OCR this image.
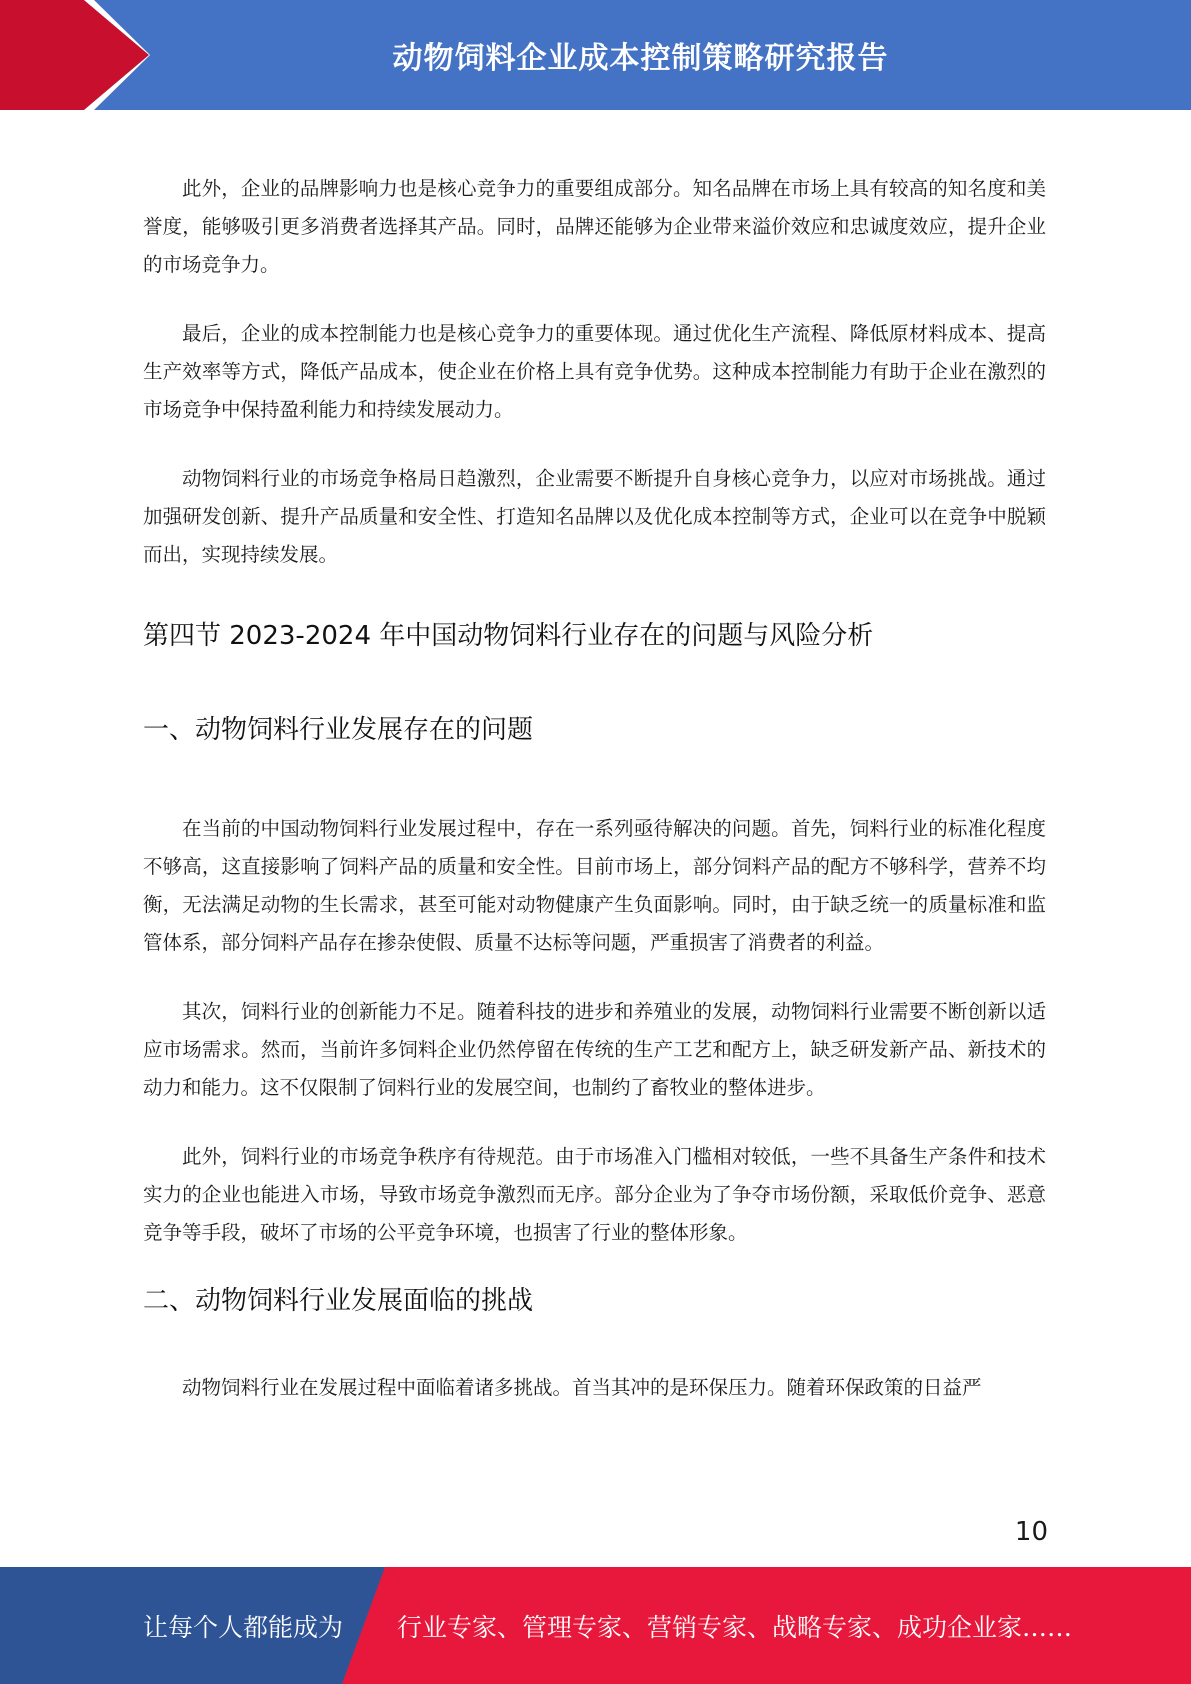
动物饲料企业成本控制策略研究报告

此外，企业的品牌影响力也是核心竞争力的重要组成部分。知名品牌在市场上具有较高的知名度和美誉度，能够吸引更多消费者选择其产品。同时，品牌还能够为企业带来溢价效应和忠诚度效应，提升企业的市场竞争力。

最后，企业的成本控制能力也是核心竞争力的重要体现。通过优化生产流程、降低原材料成本、提高生产效率等方式，降低产品成本，使企业在价格上具有竞争优势。这种成本控制能力有助于企业在激烈的市场竞争中保持盈利能力和持续发展动力。

动物饲料行业的市场竞争格局日趋激烈，企业需要不断提升自身核心竞争力，以应对市场挑战。通过加强研发创新、提升产品质量和安全性、打造知名品牌以及优化成本控制等方式，企业可以在竞争中脱颖而出，实现持续发展。

第四节 2023-2024 年中国动物饲料行业存在的问题与风险分析
一、动物饲料行业发展存在的问题

在当前的中国动物饲料行业发展过程中，存在一系列亟待解决的问题。首先，饲料行业的标准化程度不够高，这直接影响了饲料产品的质量和安全性。目前市场上，部分饲料产品的配方不够科学，营养不均衡，无法满足动物的生长需求，甚至可能对动物健康产生负面影响。同时，由于缺乏统一的质量标准和监管体系，部分饲料产品存在掺杂使假、质量不达标等问题，严重损害了消费者的利益。

其次，饲料行业的创新能力不足。随着科技的进步和养殖业的发展，动物饲料行业需要不断创新以适应市场需求。然而，当前许多饲料企业仍然停留在传统的生产工艺和配方上，缺乏研发新产品、新技术的动力和能力。这不仅限制了饲料行业的发展空间，也制约了畜牧业的整体进步。

此外，饲料行业的市场竞争秩序有待规范。由于市场准入门槛相对较低，一些不具备生产条件和技术实力的企业也能进入市场，导致市场竞争激烈而无序。部分企业为了争夺市场份额，采取低价竞争、恶意竞争等手段，破坏了市场的公平竞争环境，也损害了行业的整体形象。

二、动物饲料行业发展面临的挑战

动物饲料行业在发展过程中面临着诸多挑战。首当其冲的是环保压力。随着环保政策的日益严

10
让每个人都能成为 行业专家、管理专家、营销专家、战略专家、成功企业家……
